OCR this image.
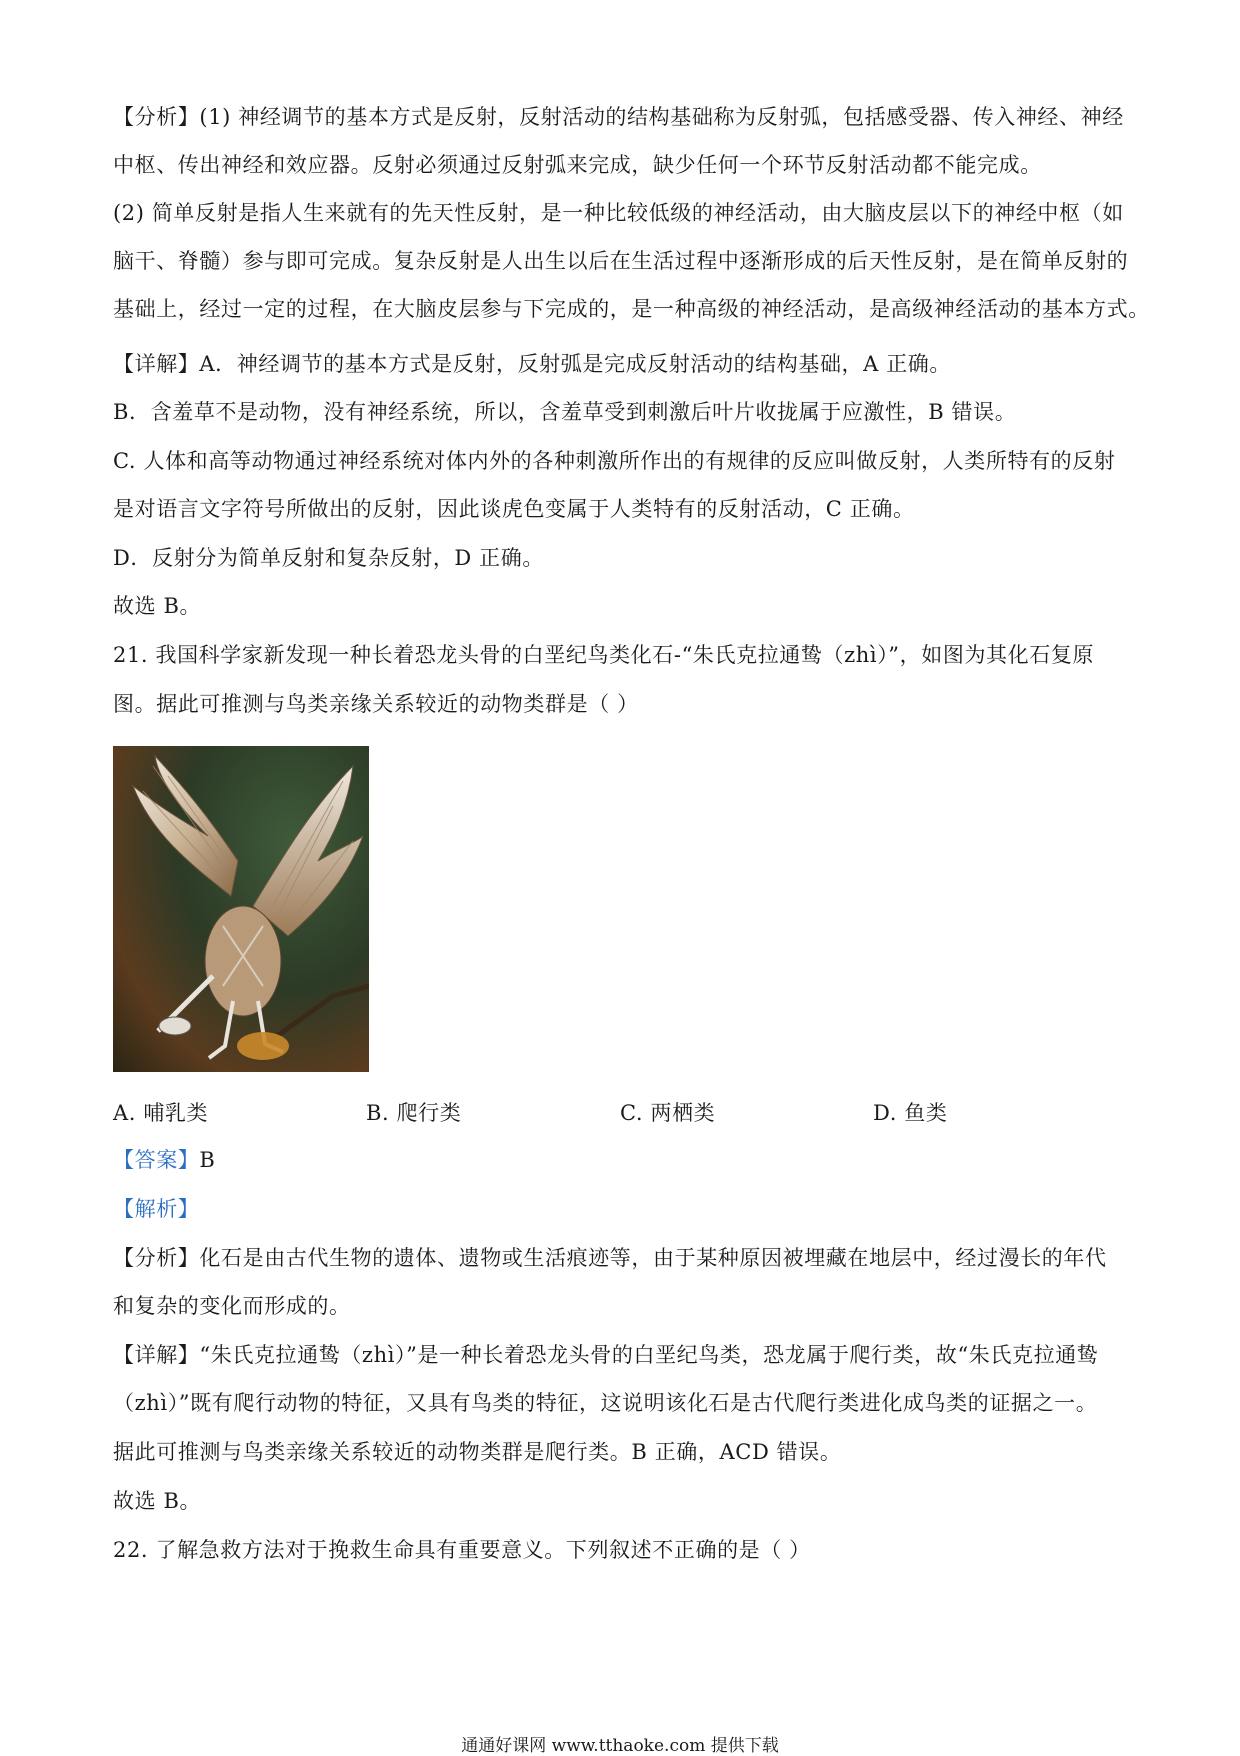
【分析】(1) 神经调节的基本方式是反射，反射活动的结构基础称为反射弧，包括感受器、传入神经、神经
中枢、传出神经和效应器。反射必须通过反射弧来完成，缺少任何一个环节反射活动都不能完成。
(2) 简单反射是指人生来就有的先天性反射，是一种比较低级的神经活动，由大脑皮层以下的神经中枢（如
脑干、脊髓）参与即可完成。复杂反射是人出生以后在生活过程中逐渐形成的后天性反射，是在简单反射的
基础上，经过一定的过程，在大脑皮层参与下完成的，是一种高级的神经活动，是高级神经活动的基本方式。
【详解】A．神经调节的基本方式是反射，反射弧是完成反射活动的结构基础，A 正确。
B．含羞草不是动物，没有神经系统，所以，含羞草受到刺激后叶片收拢属于应激性，B 错误。
C. 人体和高等动物通过神经系统对体内外的各种刺激所作出的有规律的反应叫做反射，人类所特有的反射
是对语言文字符号所做出的反射，因此谈虎色变属于人类特有的反射活动，C 正确。
D．反射分为简单反射和复杂反射，D 正确。
故选 B。
21. 我国科学家新发现一种长着恐龙头骨的白垩纪鸟类化石-“朱氏克拉通鸷（zhì）”，如图为其化石复原
图。据此可推测与鸟类亲缘关系较近的动物类群是（ ）
A. 哺乳类	B. 爬行类	C. 两栖类	D. 鱼类
【答案】B
【解析】
【分析】化石是由古代生物的遗体、遗物或生活痕迹等，由于某种原因被埋藏在地层中，经过漫长的年代
和复杂的变化而形成的。
【详解】“朱氏克拉通鸷（zhì）”是一种长着恐龙头骨的白垩纪鸟类，恐龙属于爬行类，故“朱氏克拉通鸷
（zhì）”既有爬行动物的特征，又具有鸟类的特征，这说明该化石是古代爬行类进化成鸟类的证据之一。
据此可推测与鸟类亲缘关系较近的动物类群是爬行类。B 正确，ACD 错误。
故选 B。
22. 了解急救方法对于挽救生命具有重要意义。下列叙述不正确的是（ ）
通通好课网 www.tthaoke.com 提供下载
